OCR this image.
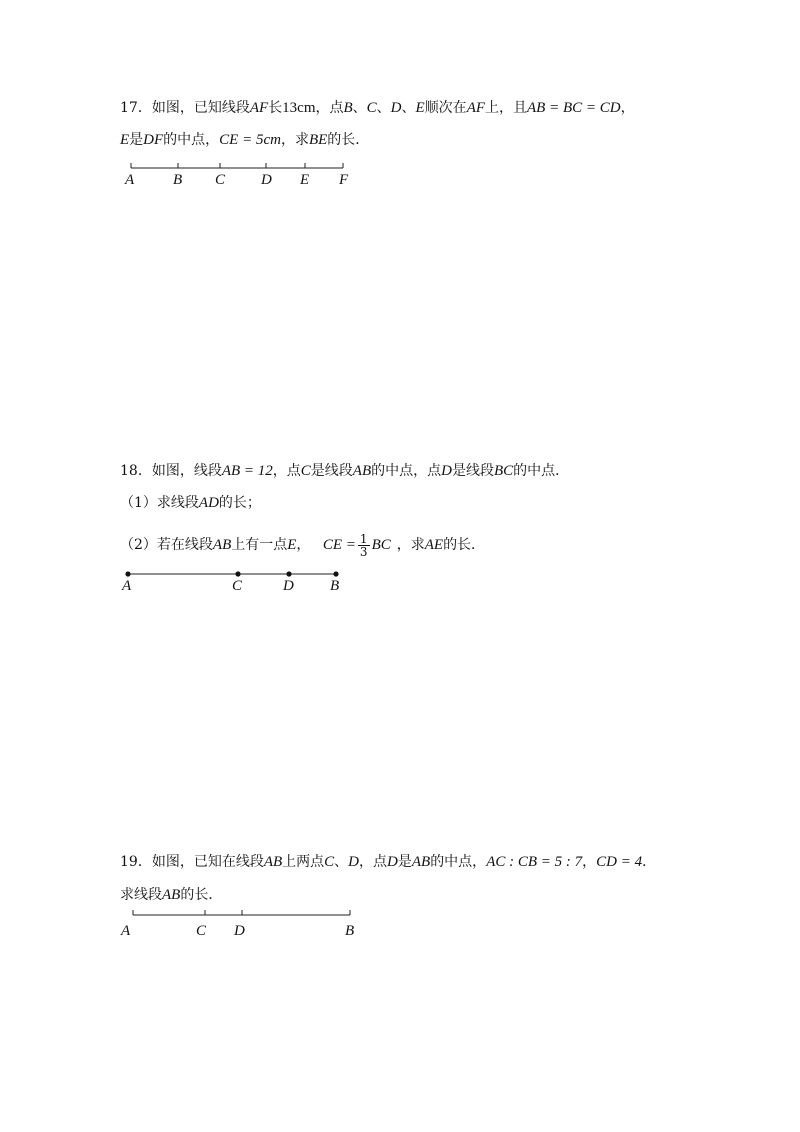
17．如图，已知线段AF长13cm，点B、C、D、E顺次在AF上，且AB = BC = CD，
E是DF的中点，CE = 5cm，求BE的长．
A	B C D E F
18．如图，线段AB = 12，点C是线段AB的中点，点D是线段BC的中点．
（1）求线段AD的长；
（2）若在线段AB上有一点E， CE = $\frac{1}{3}$ BC ，求AE的长．
A	C	D B
19．如图，已知在线段AB上两点C、D，点D是AB的中点，AC : CB = 5 : 7，CD = 4．
求线段AB的长．
A	C D	B
